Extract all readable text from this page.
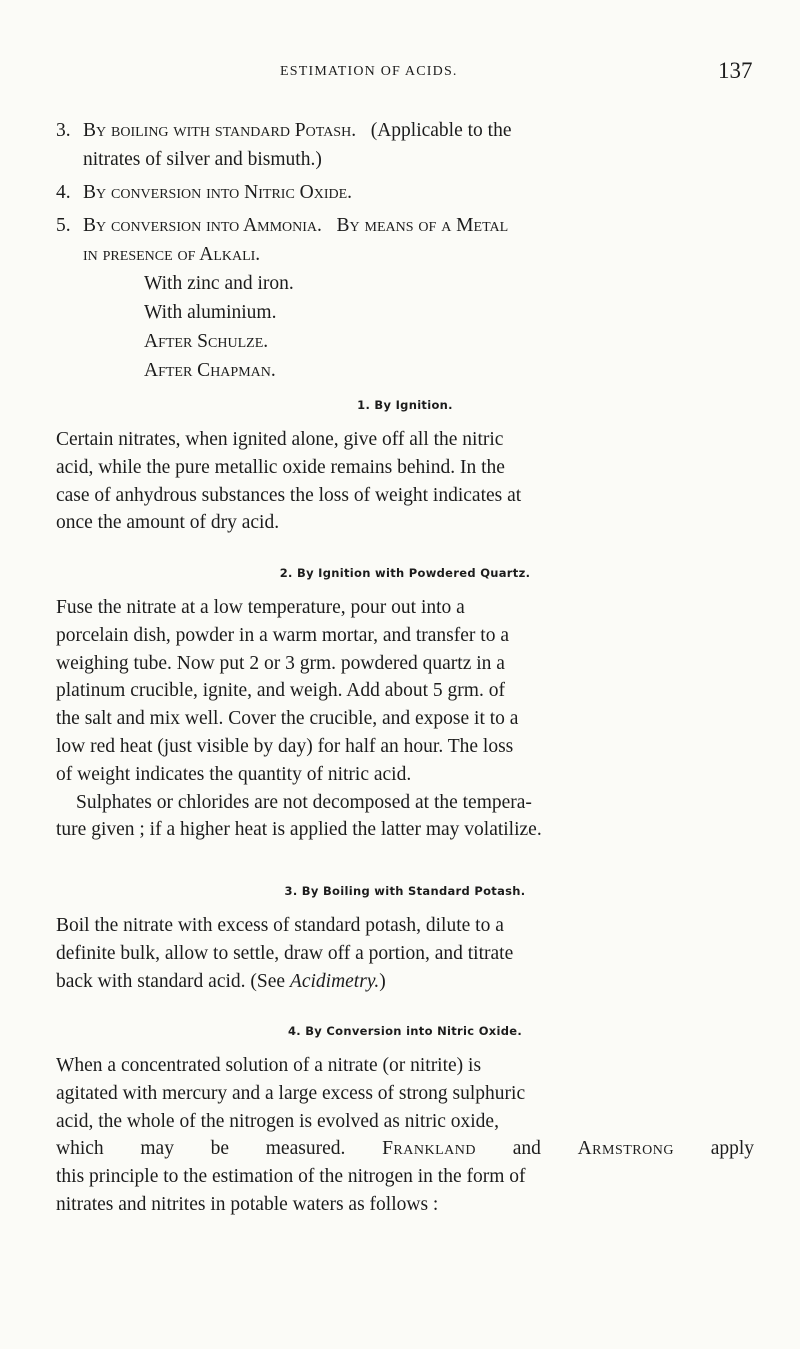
ESTIMATION OF ACIDS.	137

3. By boiling with standard Potash. (Applicable to the

nitrates of silver and bismuth.)

4. By conversion into Nitric Oxide.

5. By conversion into Ammonia. By means of a Metal

in presence of Alkali.

With zinc and iron.
With aluminium.
After Schulze.
After Chapman.
1. By Ignition.

Certain nitrates, when ignited alone, give off all the nitric

acid, while the pure metallic oxide remains behind. In the

case of anhydrous substances the loss of weight indicates at

once the amount of dry acid.

2. By Ignition with Powdered Quartz.

Fuse the nitrate at a low temperature, pour out into a

porcelain dish, powder in a warm mortar, and transfer to a

weighing tube. Now put 2 or 3 grm. powdered quartz in a

platinum crucible, ignite, and weigh. Add about 5 grm. of

the salt and mix well. Cover the crucible, and expose it to a

low red heat (just visible by day) for half an hour. The loss

of weight indicates the quantity of nitric acid.

Sulphates or chlorides are not decomposed at the tempera-

ture given ; if a higher heat is applied the latter may volatilize.

3. By Boiling with Standard Potash.

Boil the nitrate with excess of standard potash, dilute to a

definite bulk, allow to settle, draw off a portion, and titrate

back with standard acid. (See Acidimetry.)

4. By Conversion into Nitric Oxide.

When a concentrated solution of a nitrate (or nitrite) is

agitated with mercury and a large excess of strong sulphuric

acid, the whole of the nitrogen is evolved as nitric oxide,

which may be measured. Frankland and Armstrong apply

this principle to the estimation of the nitrogen in the form of

nitrates and nitrites in potable waters as follows :
